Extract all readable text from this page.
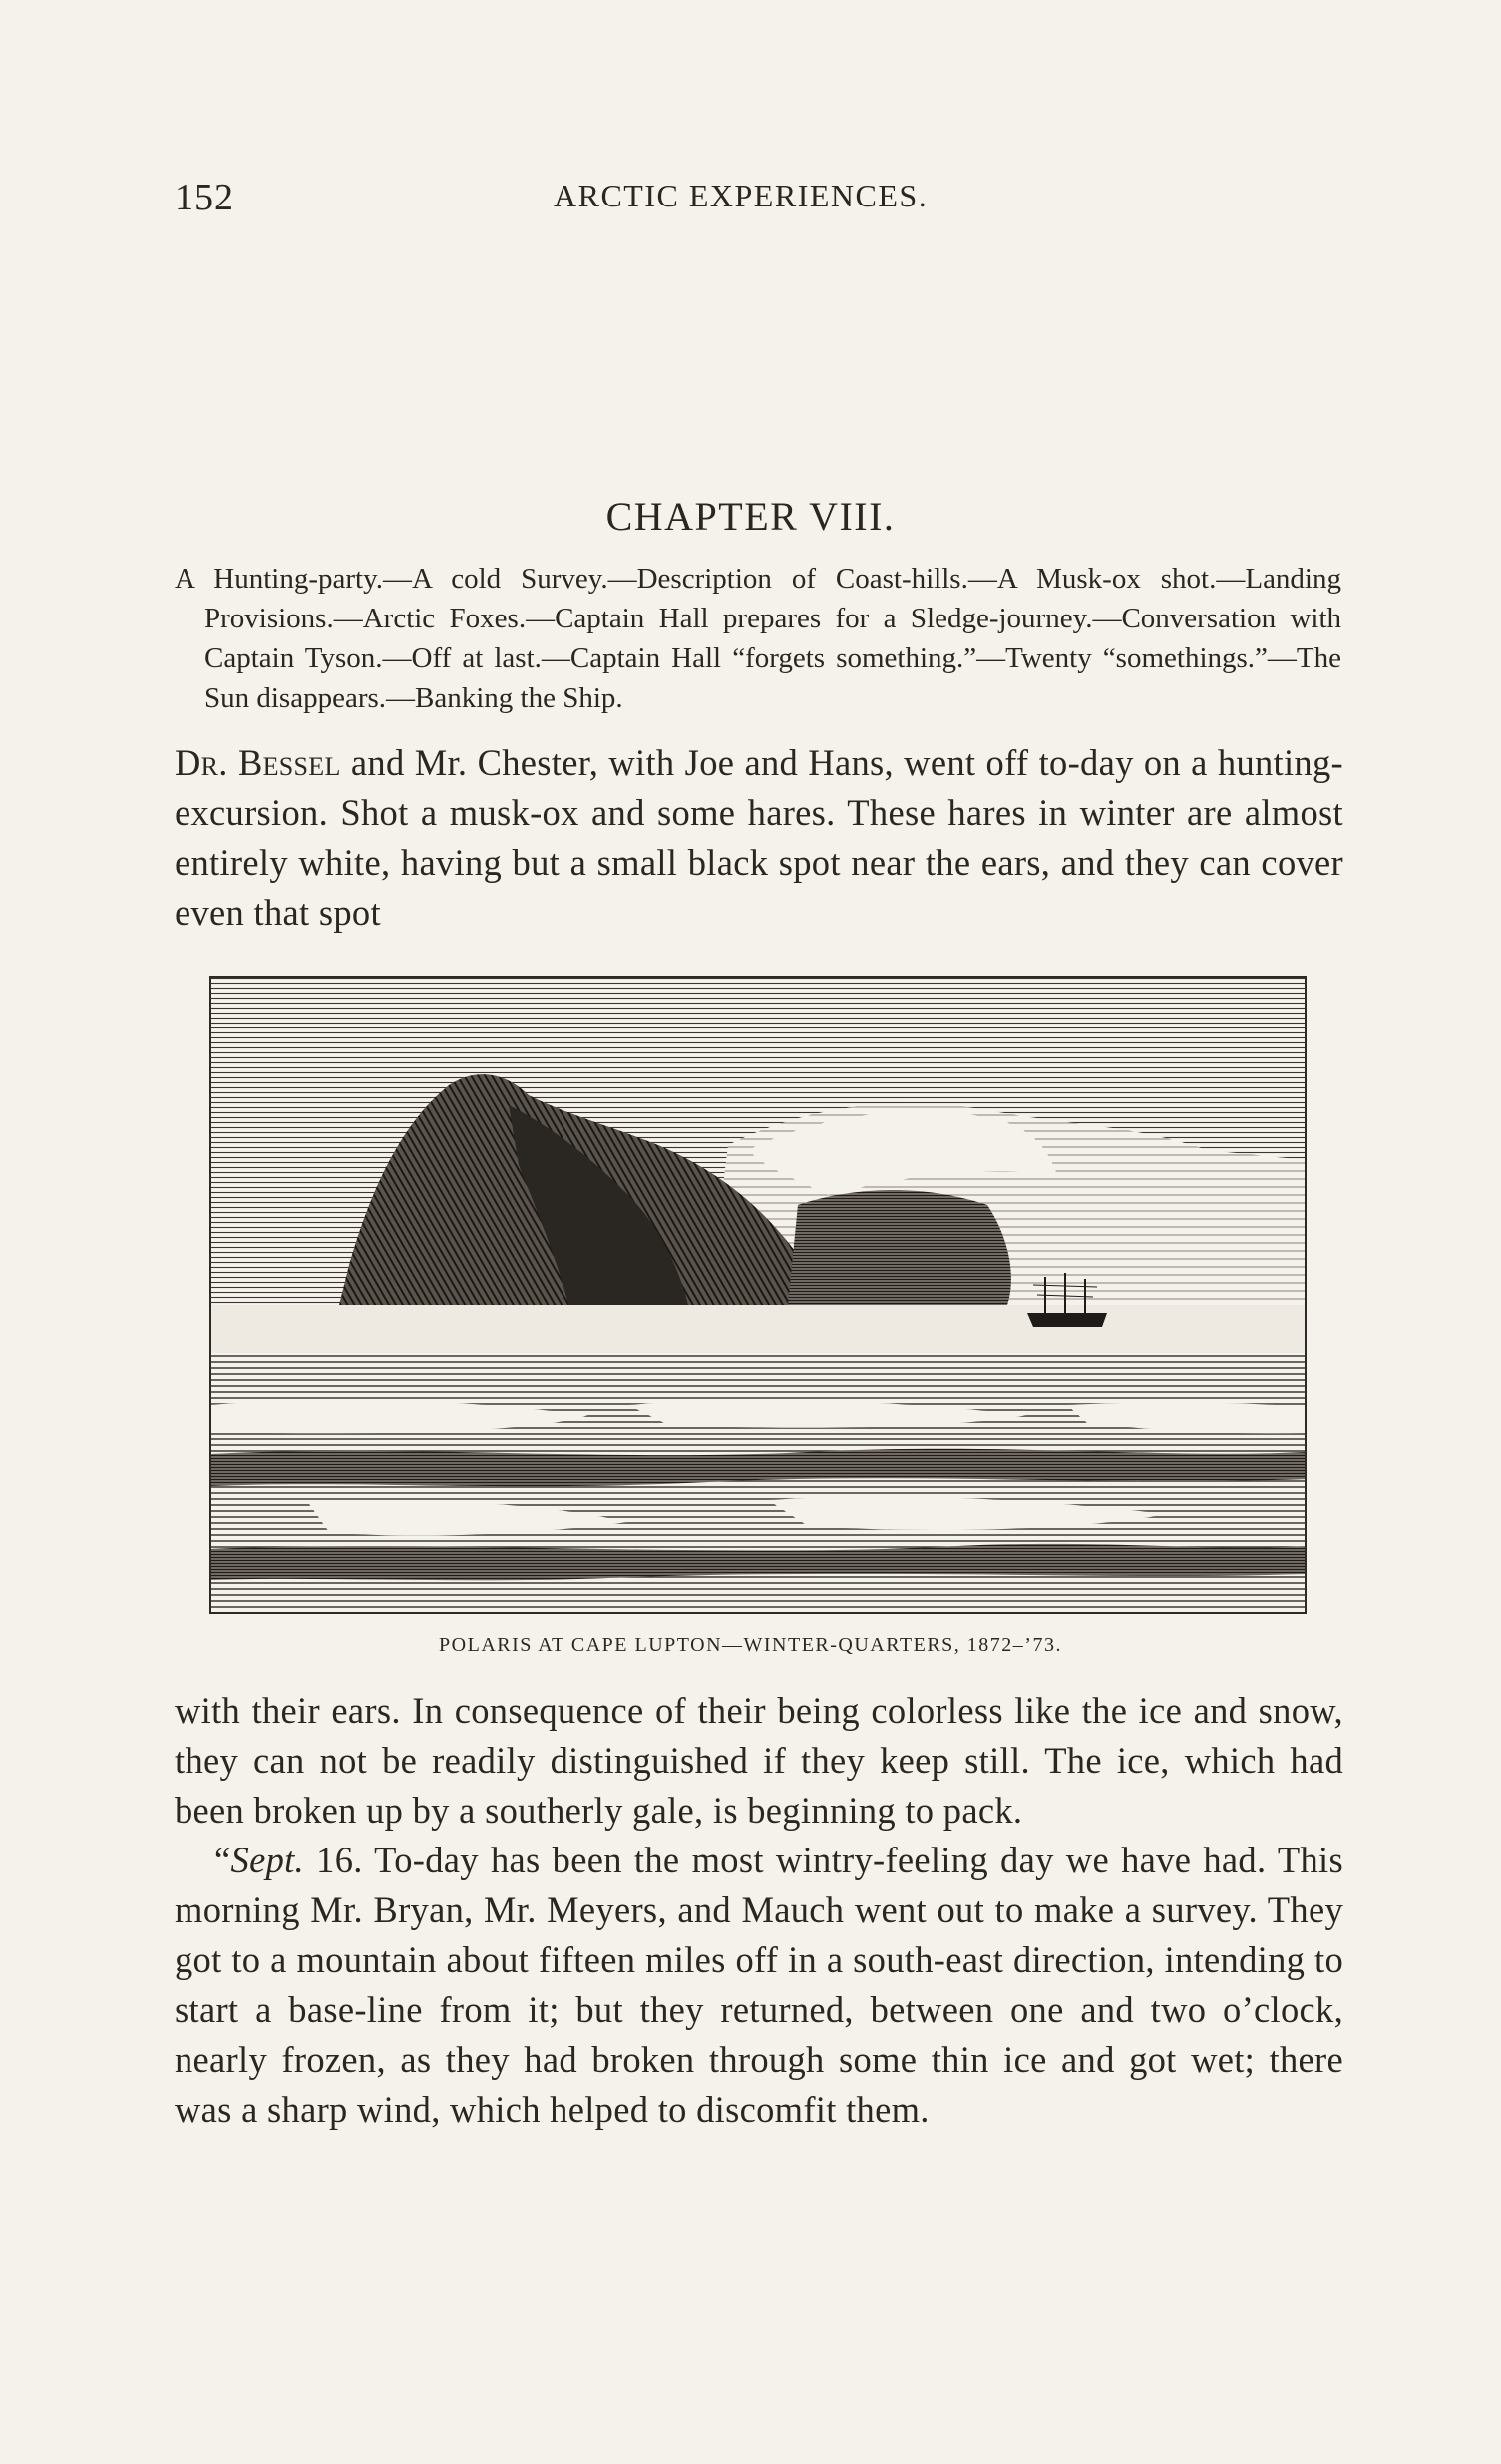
152	ARCTIC EXPERIENCES.
CHAPTER VIII.

A Hunting-party.—A cold Survey.—Description of Coast-hills.—A Musk-ox shot.—Landing Provisions.—Arctic Foxes.—Captain Hall prepares for a Sledge-journey.—Conversation with Captain Tyson.—Off at last.—Captain Hall “forgets something.”—Twenty “somethings.”—The Sun disappears.—Banking the Ship.

Dr. Bessel and Mr. Chester, with Joe and Hans, went off to-day on a hunting-excursion. Shot a musk-ox and some hares. These hares in winter are almost entirely white, having but a small black spot near the ears, and they can cover even that spot

POLARIS AT CAPE LUPTON—WINTER-QUARTERS, 1872–’73.

with their ears. In consequence of their being colorless like the ice and snow, they can not be readily distinguished if they keep still. The ice, which had been broken up by a southerly gale, is beginning to pack.

“Sept. 16. To-day has been the most wintry-feeling day we have had. This morning Mr. Bryan, Mr. Meyers, and Mauch went out to make a survey. They got to a mountain about fifteen miles off in a south-east direction, intending to start a base-line from it; but they returned, between one and two o’clock, nearly frozen, as they had broken through some thin ice and got wet; there was a sharp wind, which helped to discomfit them.
